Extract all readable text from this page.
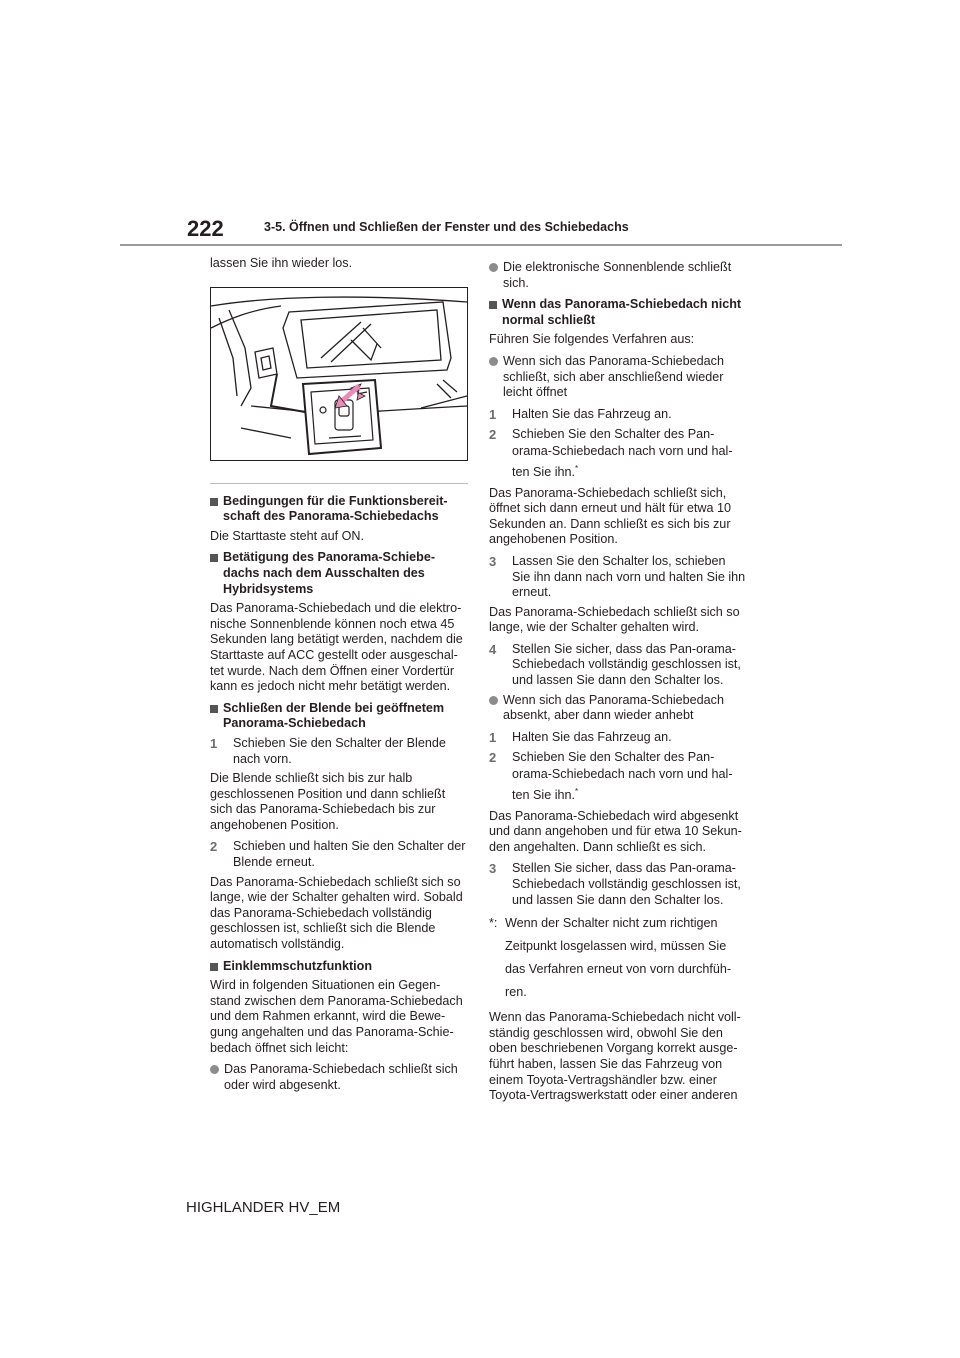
222	3-5. Öffnen und Schließen der Fenster und des Schiebedachs

lassen Sie ihn wieder los.

Bedingungen für die Funktionsbereit-schaft des Panorama-Schiebedachs

Die Starttaste steht auf ON.

Betätigung des Panorama-Schiebe-dachs nach dem Ausschalten des Hybridsystems

Das Panorama-Schiebedach und die elektro-nische Sonnenblende können noch etwa 45 Sekunden lang betätigt werden, nachdem die Starttaste auf ACC gestellt oder ausgeschal-tet wurde. Nach dem Öffnen einer Vordertür kann es jedoch nicht mehr betätigt werden.

Schließen der Blende bei geöffnetem Panorama-Schiebedach
1 Schieben Sie den Schalter der Blende nach vorn.

Die Blende schließt sich bis zur halb geschlossenen Position und dann schließt sich das Panorama-Schiebedach bis zur angehobenen Position.

2 Schieben und halten Sie den Schalter der Blende erneut.

Das Panorama-Schiebedach schließt sich so lange, wie der Schalter gehalten wird. Sobald das Panorama-Schiebedach vollständig geschlossen ist, schließt sich die Blende automatisch vollständig.

Einklemmschutzfunktion

Wird in folgenden Situationen ein Gegen-stand zwischen dem Panorama-Schiebedach und dem Rahmen erkannt, wird die Bewe-gung angehalten und das Panorama-Schie-bedach öffnet sich leicht:

Das Panorama-Schiebedach schließt sich oder wird abgesenkt.
Die elektronische Sonnenblende schließt sich.
Wenn das Panorama-Schiebedach nicht normal schließt

Führen Sie folgendes Verfahren aus:

Wenn sich das Panorama-Schiebedach schließt, sich aber anschließend wieder leicht öffnet
1 Halten Sie das Fahrzeug an.
2 Schieben Sie den Schalter des Pan-orama-Schiebedach nach vorn und hal-ten Sie ihn.*

Das Panorama-Schiebedach schließt sich, öffnet sich dann erneut und hält für etwa 10 Sekunden an. Dann schließt es sich bis zur angehobenen Position.

3 Lassen Sie den Schalter los, schieben Sie ihn dann nach vorn und halten Sie ihn erneut.

Das Panorama-Schiebedach schließt sich so lange, wie der Schalter gehalten wird.

4 Stellen Sie sicher, dass das Pan-orama-Schiebedach vollständig geschlossen ist, und lassen Sie dann den Schalter los.
Wenn sich das Panorama-Schiebedach absenkt, aber dann wieder anhebt
1 Halten Sie das Fahrzeug an.
2 Schieben Sie den Schalter des Pan-orama-Schiebedach nach vorn und hal-ten Sie ihn.*

Das Panorama-Schiebedach wird abgesenkt und dann angehoben und für etwa 10 Sekun-den angehalten. Dann schließt es sich.

3 Stellen Sie sicher, dass das Pan-orama-Schiebedach vollständig geschlossen ist, und lassen Sie dann den Schalter los.
*: Wenn der Schalter nicht zum richtigen Zeitpunkt losgelassen wird, müssen Sie das Verfahren erneut von vorn durchfüh-ren.

Wenn das Panorama-Schiebedach nicht voll-ständig geschlossen wird, obwohl Sie den oben beschriebenen Vorgang korrekt ausge-führt haben, lassen Sie das Fahrzeug von einem Toyota-Vertragshändler bzw. einer Toyota-Vertragswerkstatt oder einer anderen

HIGHLANDER HV_EM
